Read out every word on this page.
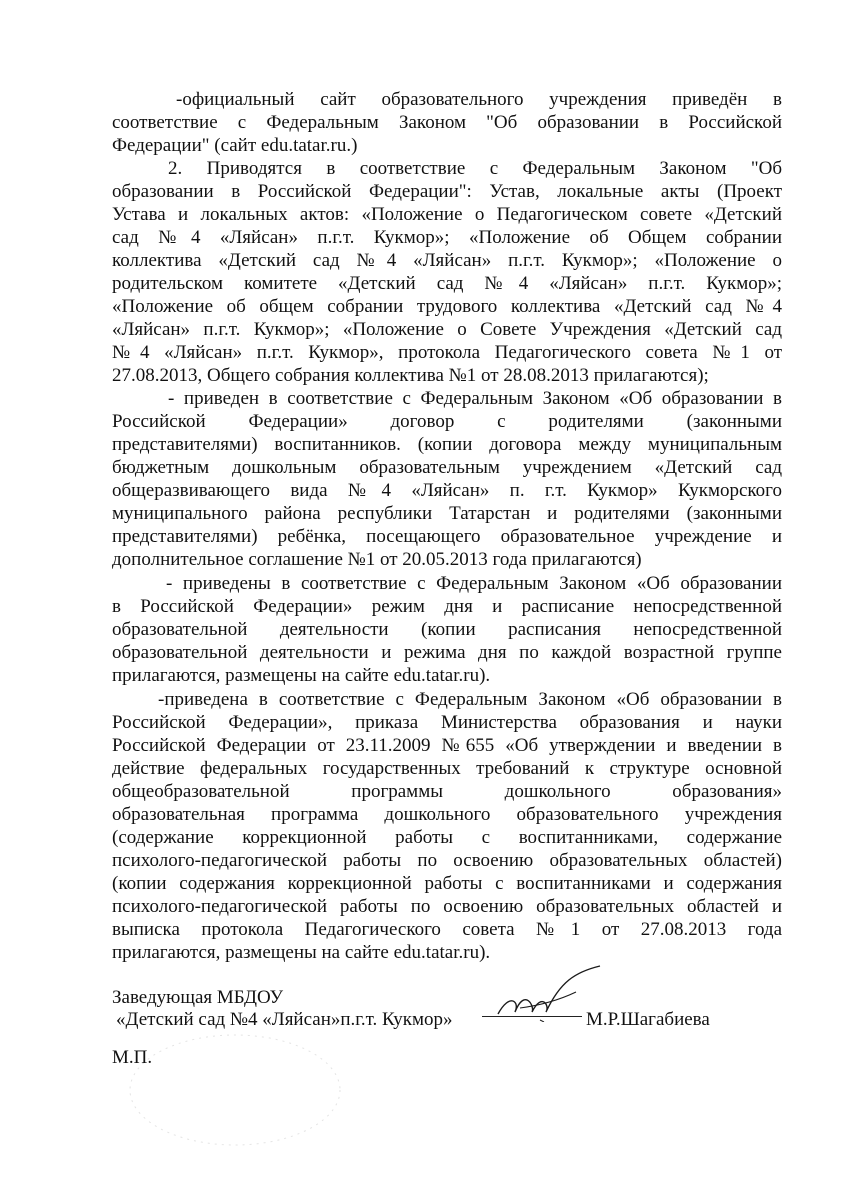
-официальный сайт образовательного учреждения приведён в
соответствие с Федеральным Законом "Об образовании в Российской
Федерации" (сайт edu.tatar.ru.)
2. Приводятся в соответствие с Федеральным Законом "Об
образовании в Российской Федерации": Устав, локальные акты (Проект
Устава и локальных актов: «Положение о Педагогическом совете «Детский
сад №4 «Ляйсан» п.г.т. Кукмор»; «Положение об Общем собрании
коллектива «Детский сад №4 «Ляйсан» п.г.т. Кукмор»; «Положение о
родительском комитете «Детский сад №4 «Ляйсан» п.г.т. Кукмор»;
«Положение об общем собрании трудового коллектива «Детский сад №4
«Ляйсан» п.г.т. Кукмор»; «Положение о Совете Учреждения «Детский сад
№4 «Ляйсан» п.г.т. Кукмор», протокола Педагогического совета №1 от
27.08.2013, Общего собрания коллектива №1 от 28.08.2013 прилагаются);
- приведен в соответствие с Федеральным Законом «Об образовании в
Российской Федерации» договор с родителями (законными
представителями) воспитанников. (копии договора между муниципальным
бюджетным дошкольным образовательным учреждением «Детский сад
общеразвивающего вида №4 «Ляйсан» п. г.т. Кукмор» Кукморского
муниципального района республики Татарстан и родителями (законными
представителями) ребёнка, посещающего образовательное учреждение и
дополнительное соглашение №1 от 20.05.2013 года прилагаются)
- приведены в соответствие с Федеральным Законом «Об образовании
в Российской Федерации» режим дня и расписание непосредственной
образовательной деятельности (копии расписания непосредственной
образовательной деятельности и режима дня по каждой возрастной группе
прилагаются, размещены на сайте edu.tatar.ru).
-приведена в соответствие с Федеральным Законом «Об образовании в
Российской Федерации», приказа Министерства образования и науки
Российской Федерации от 23.11.2009 №655 «Об утверждении и введении в
действие федеральных государственных требований к структуре основной
общеобразовательной программы дошкольного образования»
образовательная программа дошкольного образовательного учреждения
(содержание коррекционной работы с воспитанниками, содержание
психолого-педагогической работы по освоению образовательных областей)
(копии содержания коррекционной работы с воспитанниками и содержания
психолого-педагогической работы по освоению образовательных областей и
выписка протокола Педагогического совета №1 от 27.08.2013 года
прилагаются, размещены на сайте edu.tatar.ru).
Заведующая МБДОУ
«Детский сад №4 «Ляйсан»п.г.т. Кукмор»	М.Р.Шагабиева
М.П.
